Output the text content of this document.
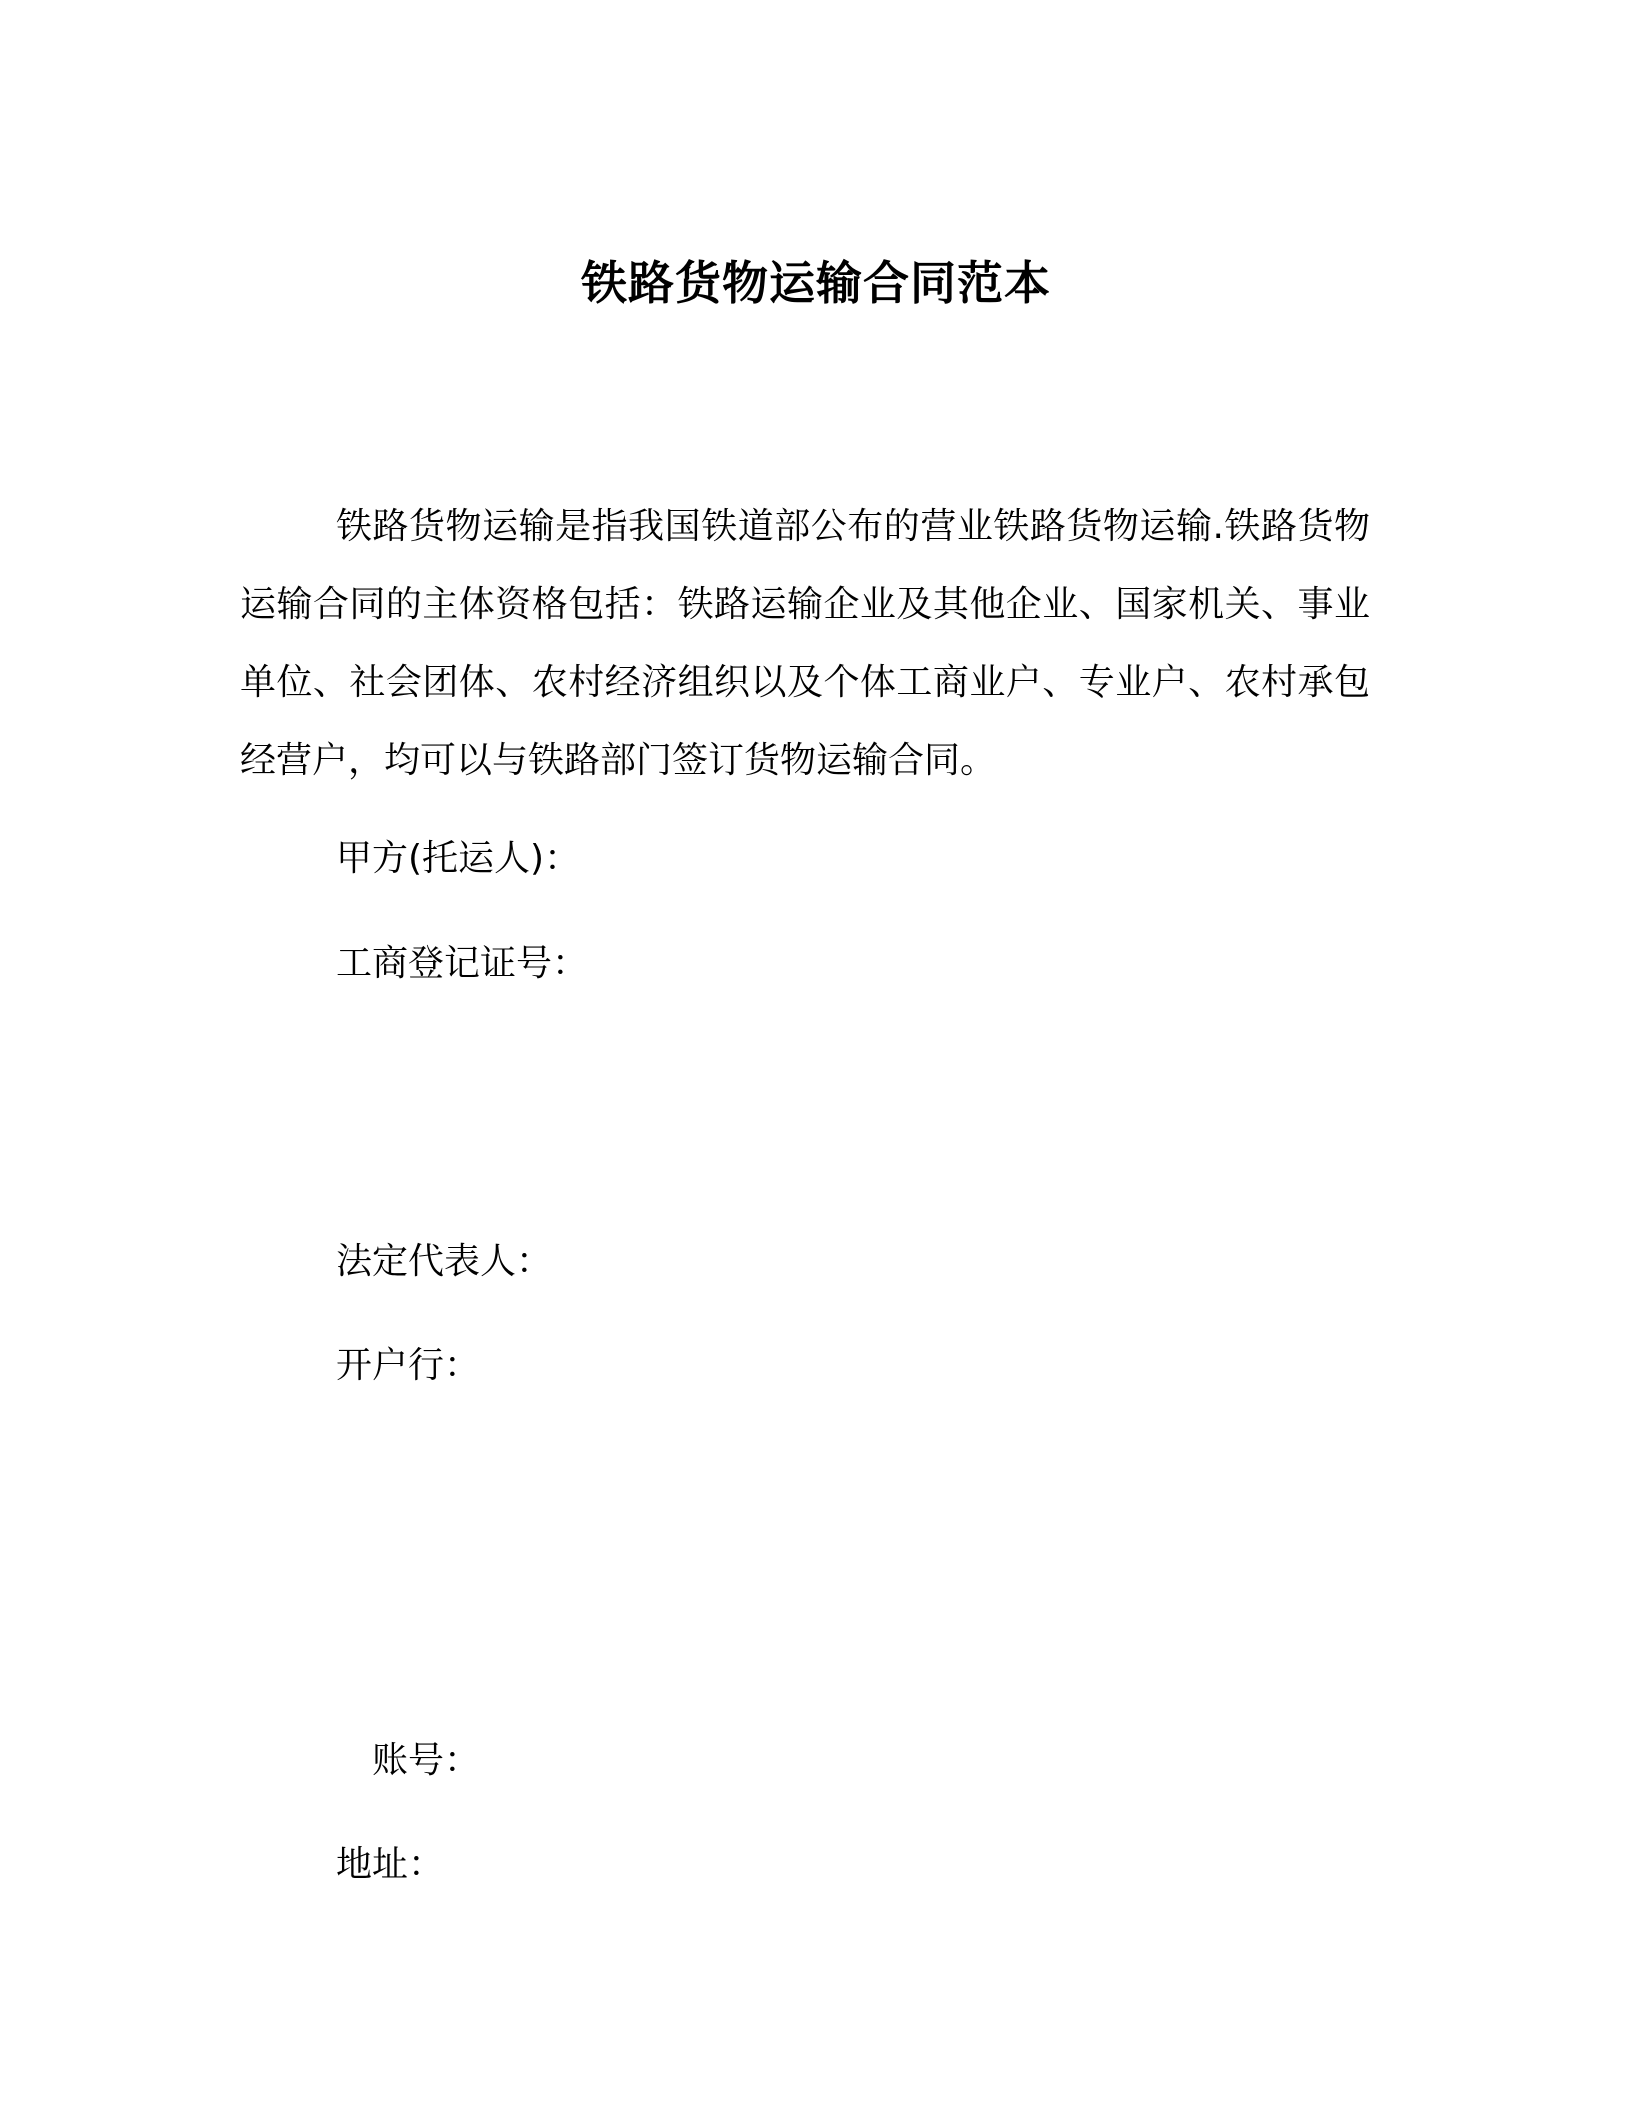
铁路货物运输合同范本

铁路货物运输是指我国铁道部公布的营业铁路货物运输.铁路货物运输合同的主体资格包括：铁路运输企业及其他企业、国家机关、事业单位、社会团体、农村经济组织以及个体工商业户、专业户、农村承包经营户，均可以与铁路部门签订货物运输合同。

甲方(托运人)：

工商登记证号：

法定代表人：

开户行：

账号：

地址：
